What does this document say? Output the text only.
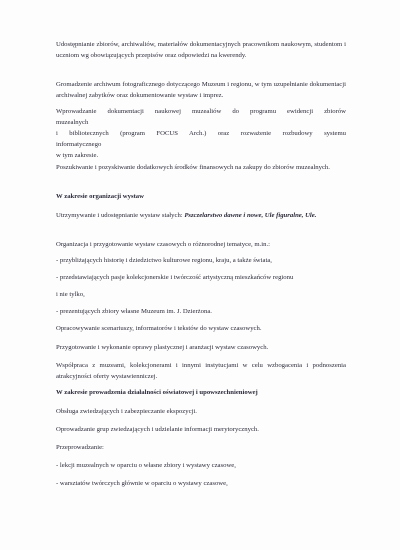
Udostępnianie zbiorów, archiwaliów, materiałów dokumentacyjnych pracownikom naukowym, studentom i uczniom wg obowiązujących przepisów oraz odpowiedzi na kwerendy.

Gromadzenie archiwum fotograficznego dotyczącego Muzeum i regionu, w tym uzupełnianie dokumentacji archiwalnej zabytków oraz dokumentowanie wystaw i imprez.

Wprowadzanie dokumentacji naukowej muzealiów do programu ewidencji zbiorów
muzealnych
i bibliotecznych (program FOCUS Arch.) oraz rozważenie rozbudowy systemu
informatycznego
w tym zakresie.

Poszukiwanie i pozyskiwanie dodatkowych środków finansowych na zakupy do zbiorów muzealnych.

W zakresie organizacji wystaw

Utrzymywanie i udostępnianie wystaw stałych: Pszczelarstwo dawne i nowe, Ule figuralne, Ule.

Organizacja i przygotowanie wystaw czasowych o różnorodnej tematyce, m.in.:

- przybliżających historię i dziedzictwo kulturowe regionu, kraju, a także świata,

- przedstawiających pasje kolekcjonerskie i twórczość artystyczną mieszkańców regionu

i nie tylko,

- prezentujących zbiory własne Muzeum im. J. Dzierżona.

Opracowywanie scenariuszy, informatorów i tekstów do wystaw czasowych.

Przygotowanie i wykonanie oprawy plastycznej i aranżacji wystaw czasowych.

Współpraca z muzeami, kolekcjonerami i innymi instytucjami w celu wzbogacenia i podnoszenia atrakcyjności oferty wystawienniczej.

W zakresie prowadzenia działalności oświatowej i upowszechnieniowej

Obsługa zwiedzających i zabezpieczanie ekspozycji.

Oprowadzanie grup zwiedzających i udzielanie informacji merytorycznych.

Przeprowadzanie:

- lekcji muzealnych w oparciu o własne zbiory i wystawy czasowe,

- warsztatów twórczych głównie w oparciu o wystawy czasowe,
